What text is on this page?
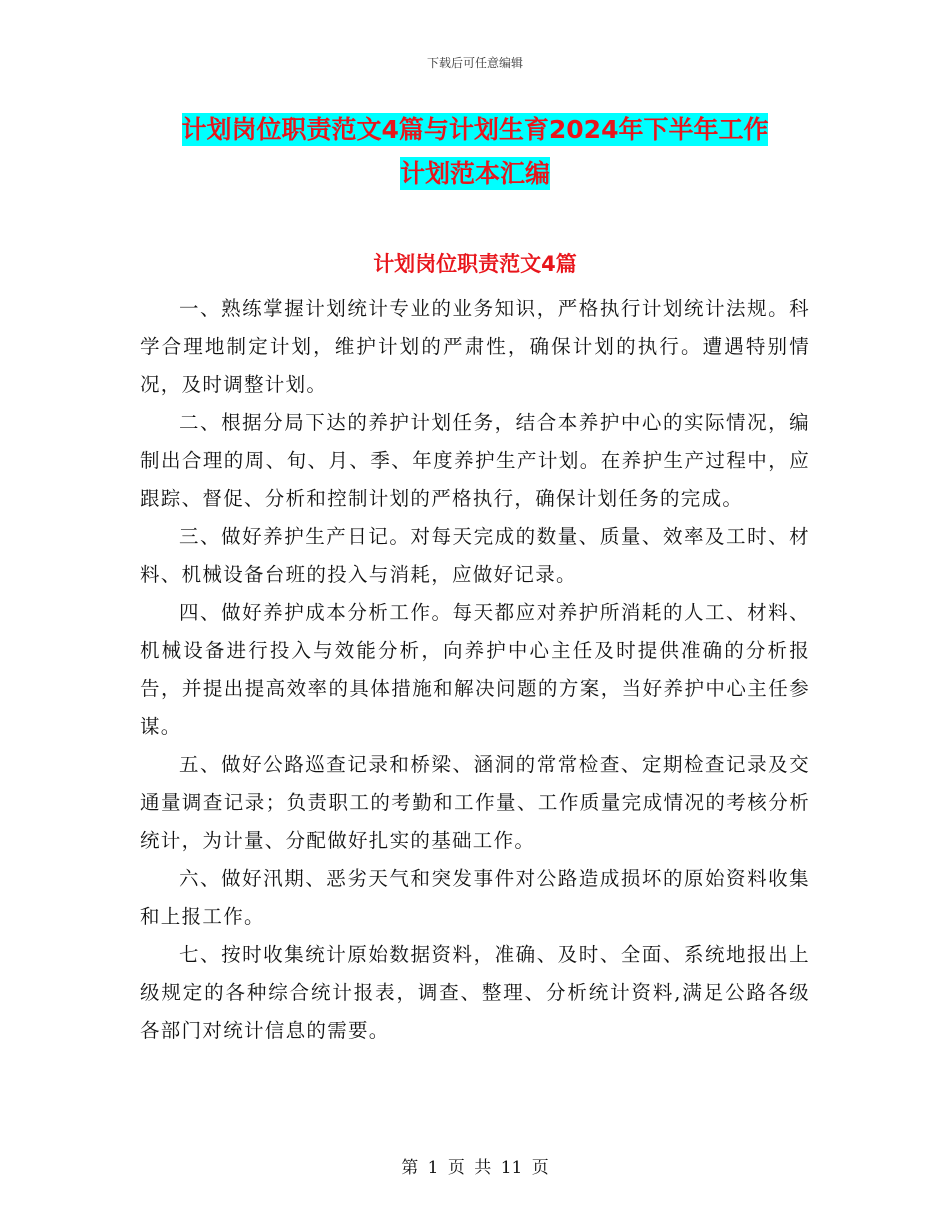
下载后可任意编辑
计划岗位职责范文4篇与计划生育2024年下半年工作
计划范本汇编
计划岗位职责范文4篇

一、熟练掌握计划统计专业的业务知识，严格执行计划统计法规。科学合理地制定计划，维护计划的严肃性，确保计划的执行。遭遇特别情况，及时调整计划。

二、根据分局下达的养护计划任务，结合本养护中心的实际情况，编制出合理的周、旬、月、季、年度养护生产计划。在养护生产过程中，应跟踪、督促、分析和控制计划的严格执行，确保计划任务的完成。

三、做好养护生产日记。对每天完成的数量、质量、效率及工时、材料、机械设备台班的投入与消耗，应做好记录。

四、做好养护成本分析工作。每天都应对养护所消耗的人工、材料、机械设备进行投入与效能分析，向养护中心主任及时提供准确的分析报告，并提出提高效率的具体措施和解决问题的方案，当好养护中心主任参谋。

五、做好公路巡查记录和桥梁、涵洞的常常检查、定期检查记录及交通量调查记录；负责职工的考勤和工作量、工作质量完成情况的考核分析统计，为计量、分配做好扎实的基础工作。

六、做好汛期、恶劣天气和突发事件对公路造成损坏的原始资料收集和上报工作。

七、按时收集统计原始数据资料，准确、及时、全面、系统地报出上级规定的各种综合统计报表，调查、整理、分析统计资料,满足公路各级各部门对统计信息的需要。

第 1 页 共 11 页
